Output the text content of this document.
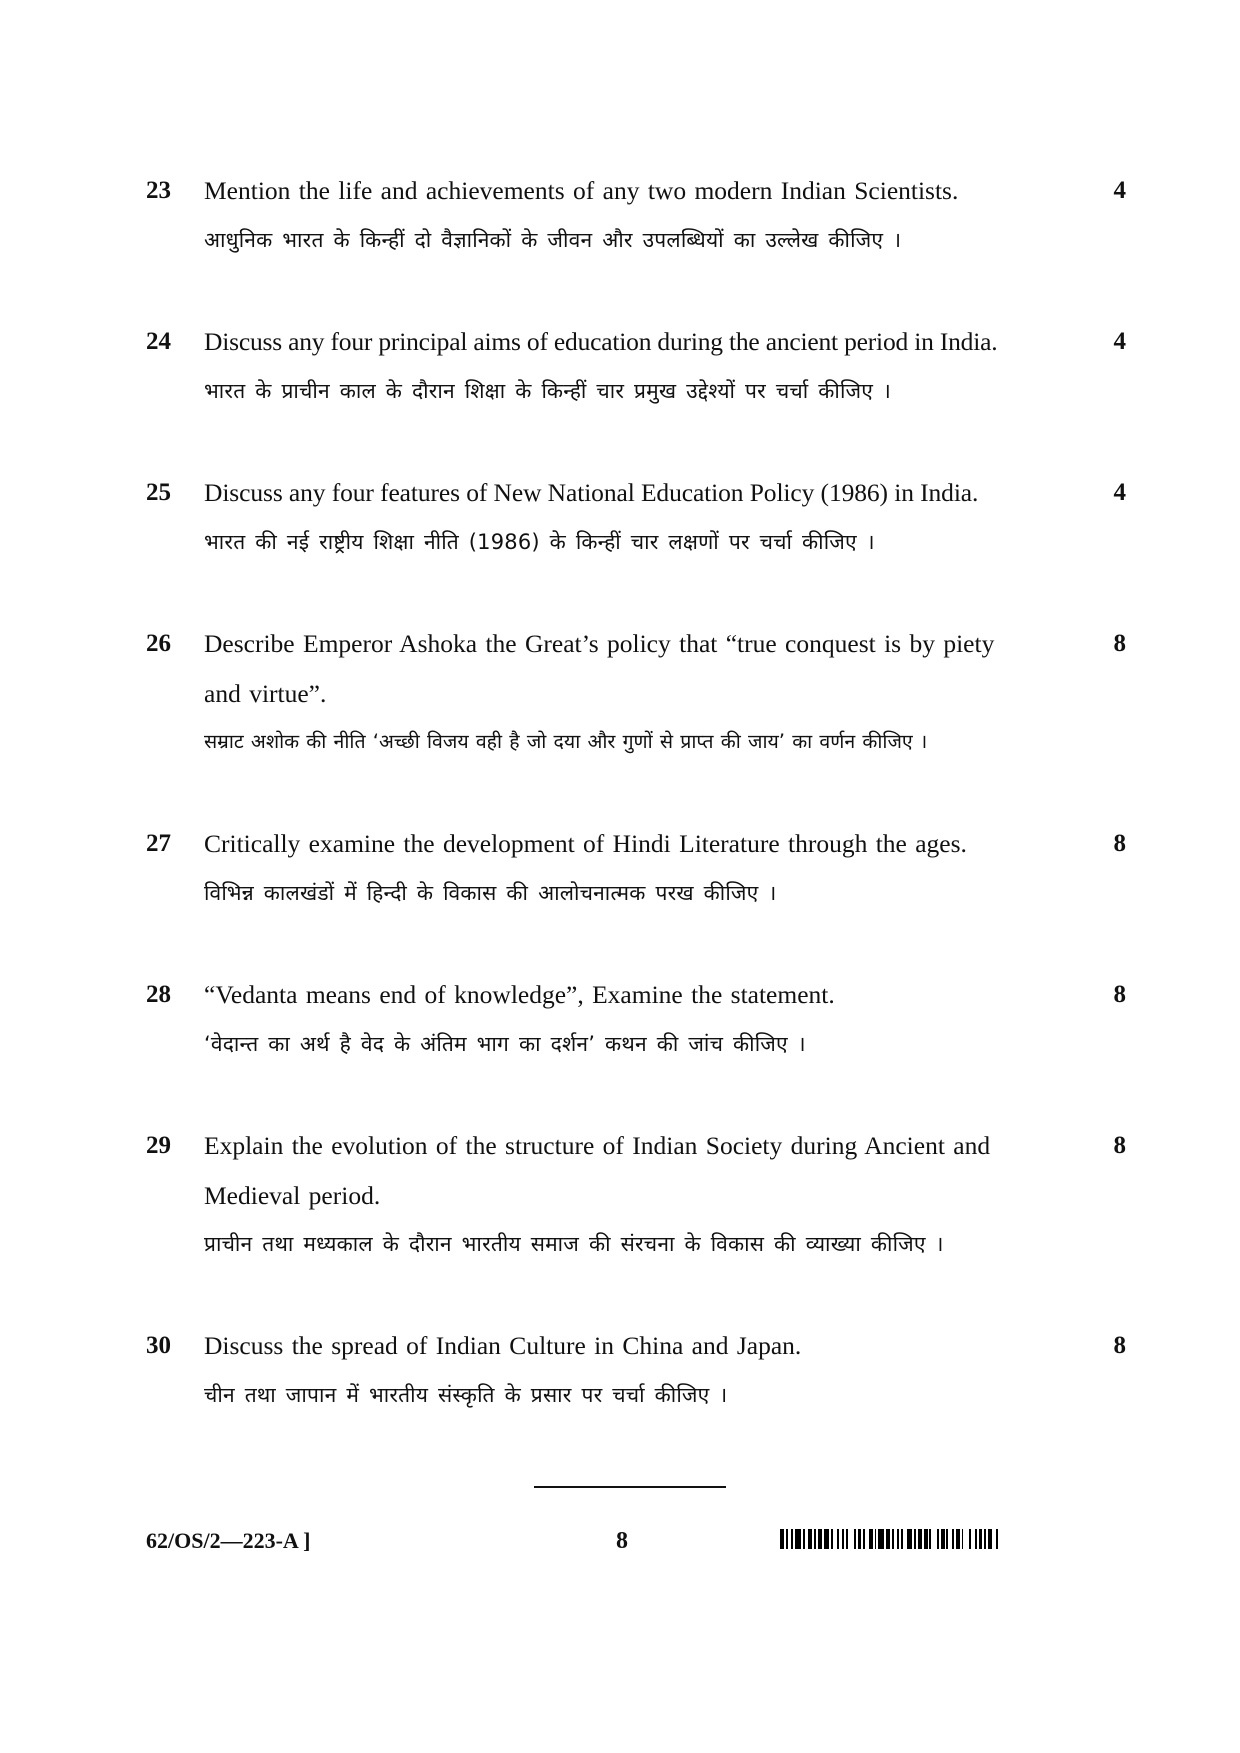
23 Mention the life and achievements of any two modern Indian Scientists.
आधुनिक भारत के किन्हीं दो वैज्ञानिकों के जीवन और उपलब्धियों का उल्लेख कीजिए ।
4
24 Discuss any four principal aims of education during the ancient period in India.
भारत के प्राचीन काल के दौरान शिक्षा के किन्हीं चार प्रमुख उद्देश्यों पर चर्चा कीजिए ।
4
25 Discuss any four features of New National Education Policy (1986) in India.
भारत की नई राष्ट्रीय शिक्षा नीति (1986) के किन्हीं चार लक्षणों पर चर्चा कीजिए ।
4
26 Describe Emperor Ashoka the Great’s policy that “true conquest is by piety and virtue”.
सम्राट अशोक की नीति ‘अच्छी विजय वही है जो दया और गुणों से प्राप्त की जाय’ का वर्णन कीजिए ।
8
27 Critically examine the development of Hindi Literature through the ages.
विभिन्न कालखंडों में हिन्दी के विकास की आलोचनात्मक परख कीजिए ।
8
28 “Vedanta means end of knowledge”, Examine the statement.
‘वेदान्त का अर्थ है वेद के अंतिम भाग का दर्शन’ कथन की जांच कीजिए ।
8
29 Explain the evolution of the structure of Indian Society during Ancient and Medieval period.
प्राचीन तथा मध्यकाल के दौरान भारतीय समाज की संरचना के विकास की व्याख्या कीजिए ।
8
30 Discuss the spread of Indian Culture in China and Japan.
चीन तथा जापान में भारतीय संस्कृति के प्रसार पर चर्चा कीजिए ।
8
62/OS/2—223-A ]	8
